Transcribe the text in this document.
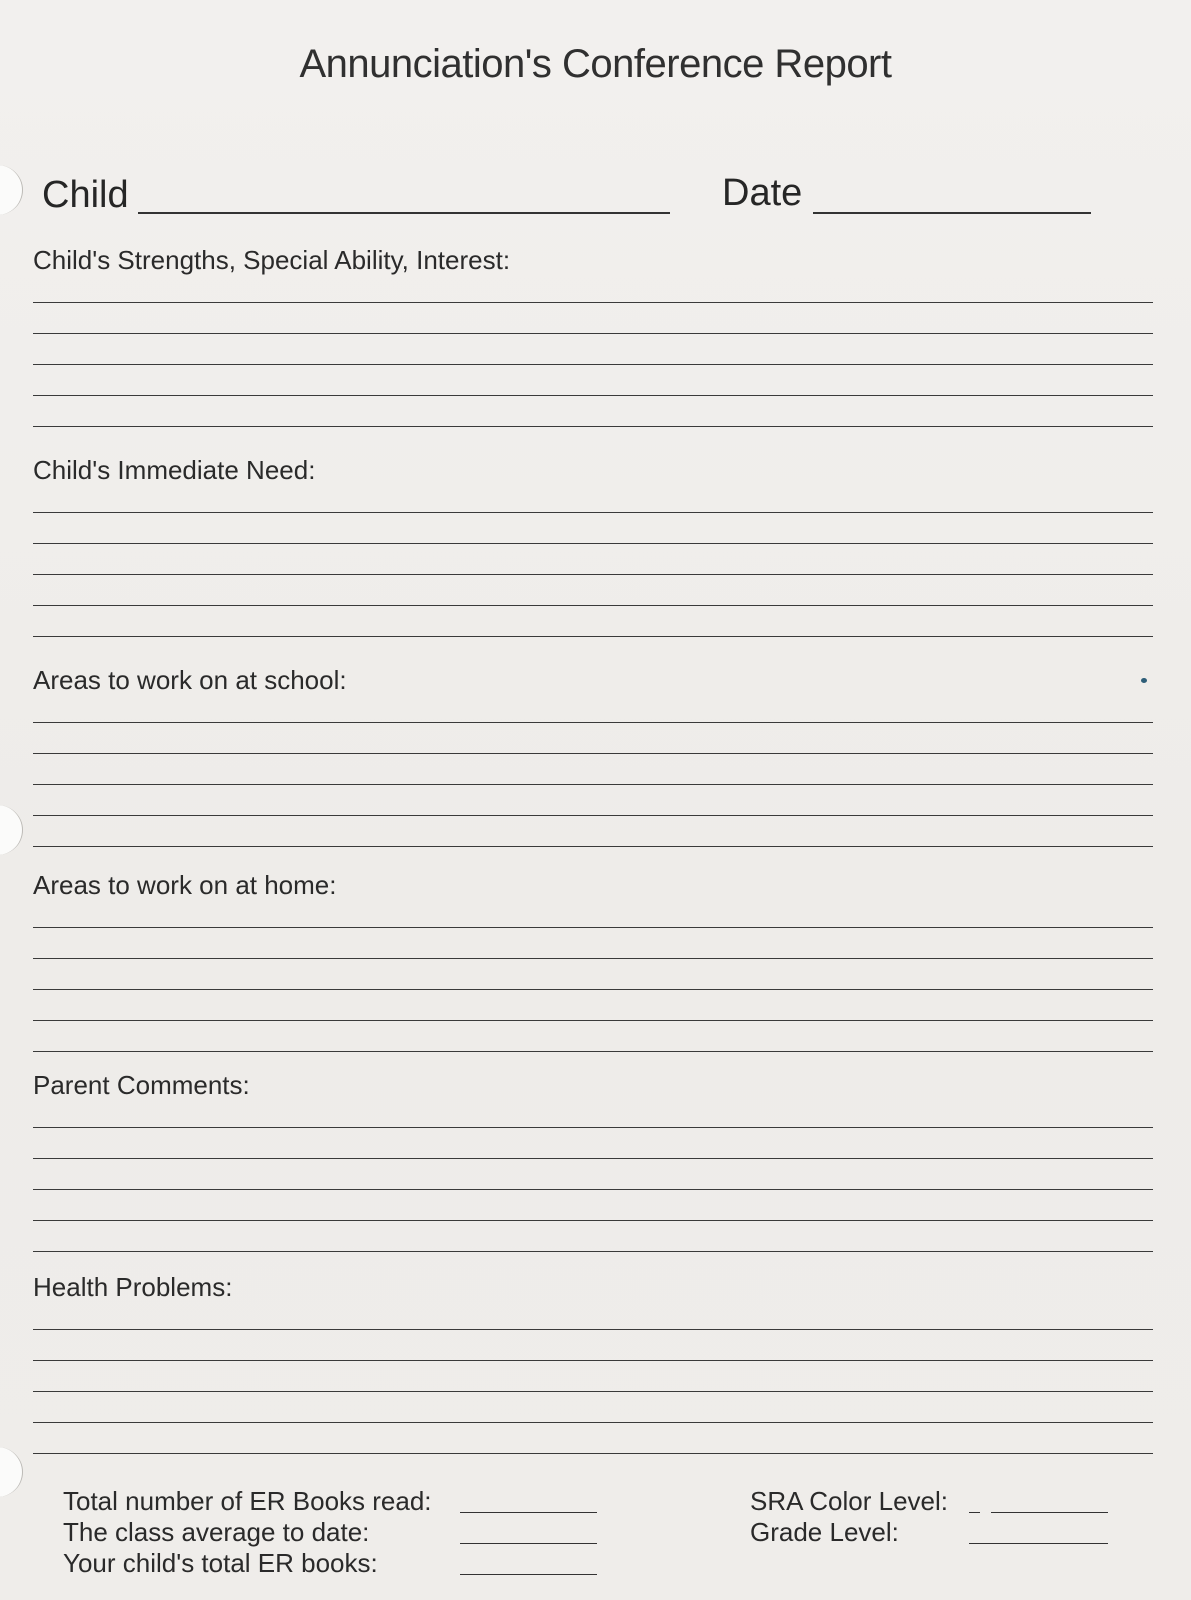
Annunciation's Conference Report
Child	Date
Child's Strengths, Special Ability, Interest:
Child's Immediate Need:
Areas to work on at school:
Areas to work on at home:
Parent Comments:
Health Problems:
Total number of ER Books read:
The class average to date:
Your child's total ER books:
SRA Color Level:
Grade Level:
